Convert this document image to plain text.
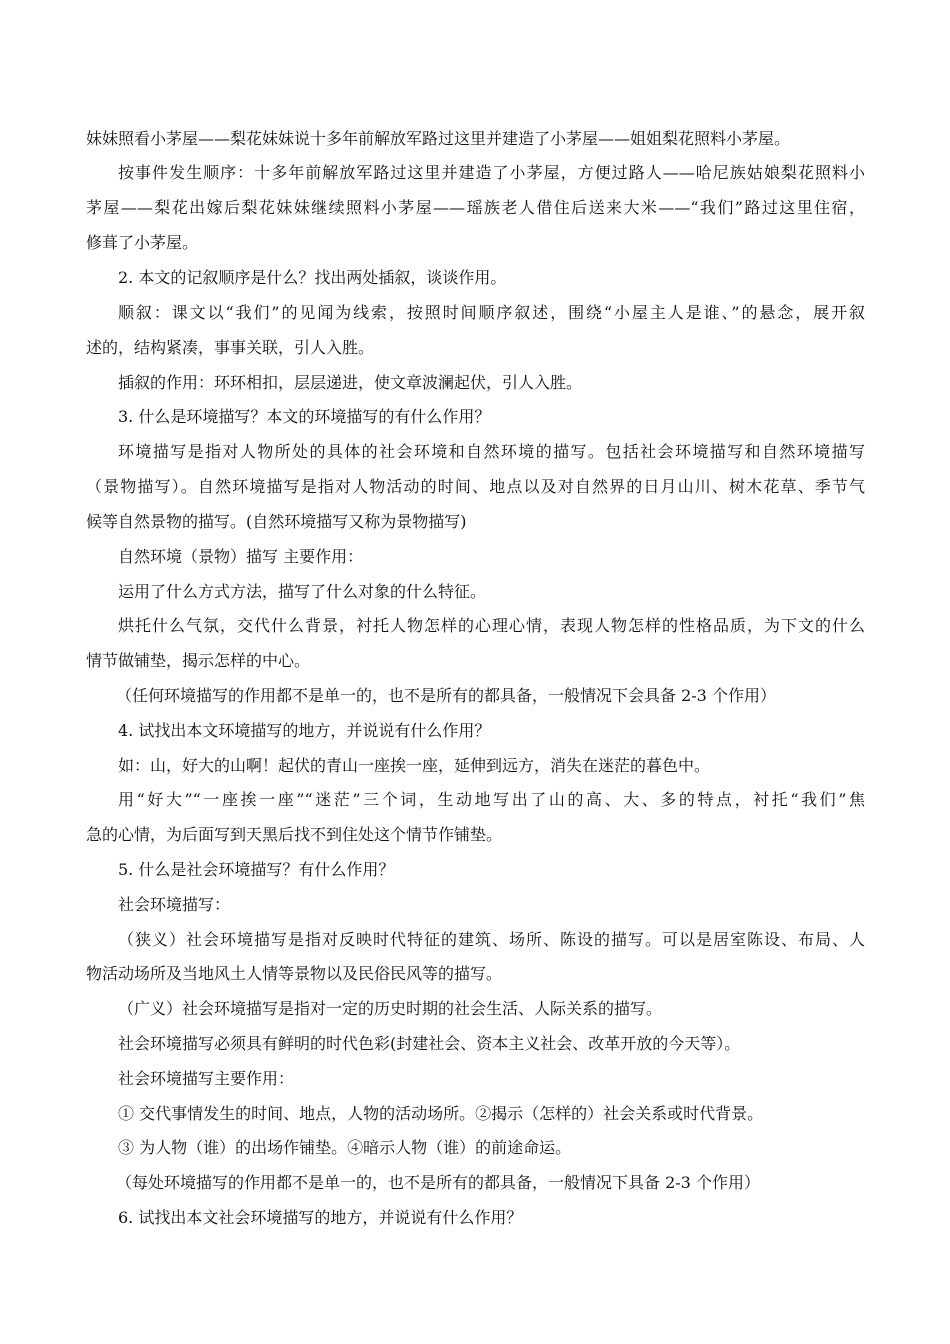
妹妹照看小茅屋——梨花妹妹说十多年前解放军路过这里并建造了小茅屋——姐姐梨花照料小茅屋。
按事件发生顺序：十多年前解放军路过这里并建造了小茅屋，方便过路人——哈尼族姑娘梨花照料小
茅屋——梨花出嫁后梨花妹妹继续照料小茅屋——瑶族老人借住后送来大米——“我们”路过这里住宿，
修葺了小茅屋。
2. 本文的记叙顺序是什么？找出两处插叙，谈谈作用。
顺叙：课文以“我们”的见闻为线索，按照时间顺序叙述，围绕“小屋主人是谁、”的悬念，展开叙
述的，结构紧凑，事事关联，引人入胜。
插叙的作用：环环相扣，层层递进，使文章波澜起伏，引人入胜。
3. 什么是环境描写？本文的环境描写的有什么作用？
环境描写是指对人物所处的具体的社会环境和自然环境的描写。包括社会环境描写和自然环境描写
（景物描写）。自然环境描写是指对人物活动的时间、地点以及对自然界的日月山川、树木花草、季节气
候等自然景物的描写。(自然环境描写又称为景物描写)
自然环境（景物）描写 主要作用：
运用了什么方式方法，描写了什么对象的什么特征。
烘托什么气氛，交代什么背景，衬托人物怎样的心理心情，表现人物怎样的性格品质，为下文的什么
情节做铺垫，揭示怎样的中心。
（任何环境描写的作用都不是单一的，也不是所有的都具备，一般情况下会具备 2-3 个作用）
4. 试找出本文环境描写的地方，并说说有什么作用？
如：山，好大的山啊！起伏的青山一座挨一座，延伸到远方，消失在迷茫的暮色中。
用“好大”“一座挨一座”“迷茫”三个词，生动地写出了山的高、大、多的特点，衬托“我们”焦
急的心情，为后面写到天黑后找不到住处这个情节作铺垫。
5. 什么是社会环境描写？有什么作用？
社会环境描写：
（狭义）社会环境描写是指对反映时代特征的建筑、场所、陈设的描写。可以是居室陈设、布局、人
物活动场所及当地风土人情等景物以及民俗民风等的描写。
（广义）社会环境描写是指对一定的历史时期的社会生活、人际关系的描写。
社会环境描写必须具有鲜明的时代色彩(封建社会、资本主义社会、改革开放的今天等）。
社会环境描写主要作用：
① 交代事情发生的时间、地点，人物的活动场所。②揭示（怎样的）社会关系或时代背景。
③ 为人物（谁）的出场作铺垫。④暗示人物（谁）的前途命运。
（每处环境描写的作用都不是单一的，也不是所有的都具备，一般情况下具备 2-3 个作用）
6. 试找出本文社会环境描写的地方，并说说有什么作用？
